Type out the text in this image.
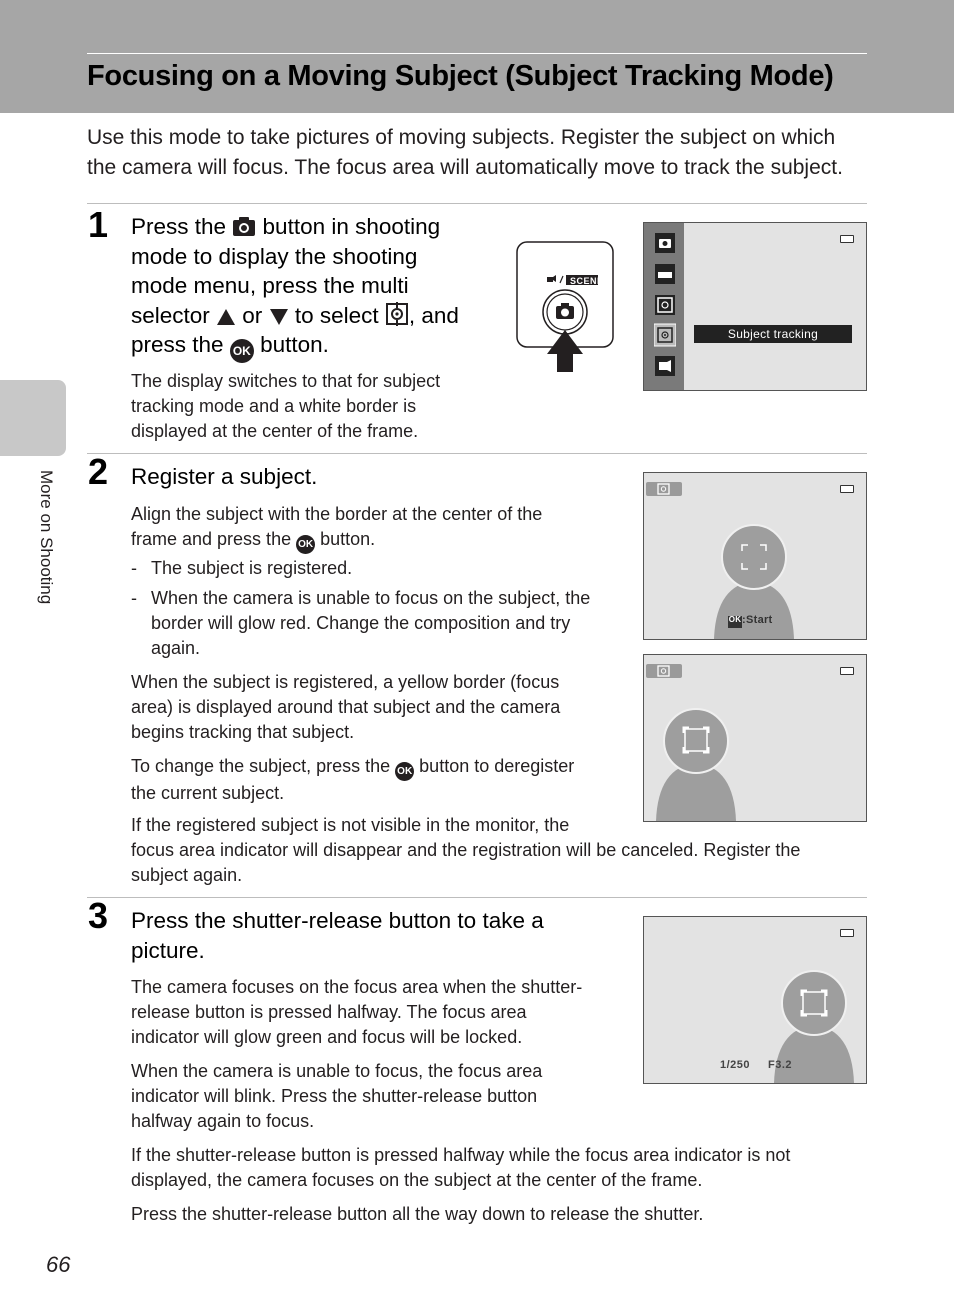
Focusing on a Moving Subject (Subject Tracking Mode)
Use this mode to take pictures of moving subjects. Register the subject on which
the camera will focus. The focus area will automatically move to track the subject.
More on Shooting
1 Press the  button in shooting
mode to display the shooting
mode menu, press the multi
selector  or  to select , and
press the OK button.
The display switches to that for subject
tracking mode and a white border is
displayed at the center of the frame.
SCENE
Subject tracking
2 Register a subject.
Align the subject with the border at the center of the
frame and press the OK button.
- The subject is registered.
- When the camera is unable to focus on the subject, the
border will glow red. Change the composition and try
again.
When the subject is registered, a yellow border (focus
area) is displayed around that subject and the camera
begins tracking that subject.
To change the subject, press the OK button to deregister
the current subject.
If the registered subject is not visible in the monitor, the
focus area indicator will disappear and the registration will be canceled. Register the
subject again.
OK :Start
3 Press the shutter-release button to take a
picture.
The camera focuses on the focus area when the shutter-
release button is pressed halfway. The focus area
indicator will glow green and focus will be locked.
When the camera is unable to focus, the focus area
indicator will blink. Press the shutter-release button
halfway again to focus.
If the shutter-release button is pressed halfway while the focus area indicator is not
displayed, the camera focuses on the subject at the center of the frame.
Press the shutter-release button all the way down to release the shutter.
1/250 F3.2
66
